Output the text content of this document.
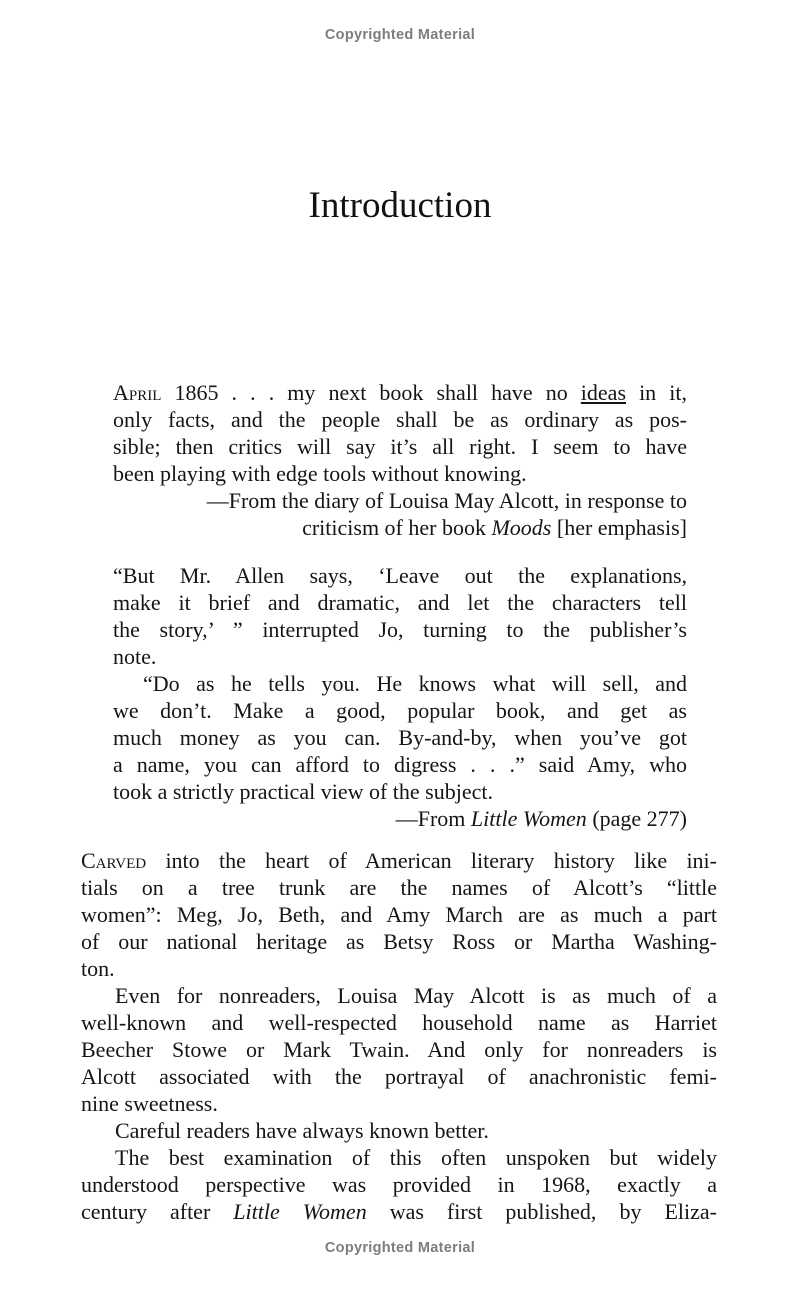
Copyrighted Material
Introduction
April 1865 . . . my next book shall have no ideas in it,
only facts, and the people shall be as ordinary as pos-
sible; then critics will say it’s all right. I seem to have
been playing with edge tools without knowing.
—From the diary of Louisa May Alcott, in response to
criticism of her book Moods [her emphasis]
“But Mr. Allen says, ‘Leave out the explanations,
make it brief and dramatic, and let the characters tell
the story,’ ” interrupted Jo, turning to the publisher’s
note.
“Do as he tells you. He knows what will sell, and
we don’t. Make a good, popular book, and get as
much money as you can. By-and-by, when you’ve got
a name, you can afford to digress . . .” said Amy, who
took a strictly practical view of the subject.
—From Little Women (page 277)
Carved into the heart of American literary history like ini-
tials on a tree trunk are the names of Alcott’s “little
women”: Meg, Jo, Beth, and Amy March are as much a part
of our national heritage as Betsy Ross or Martha Washing-
ton.
Even for nonreaders, Louisa May Alcott is as much of a
well-known and well-respected household name as Harriet
Beecher Stowe or Mark Twain. And only for nonreaders is
Alcott associated with the portrayal of anachronistic femi-
nine sweetness.
Careful readers have always known better.
The best examination of this often unspoken but widely
understood perspective was provided in 1968, exactly a
century after Little Women was first published, by Eliza-
Copyrighted Material
